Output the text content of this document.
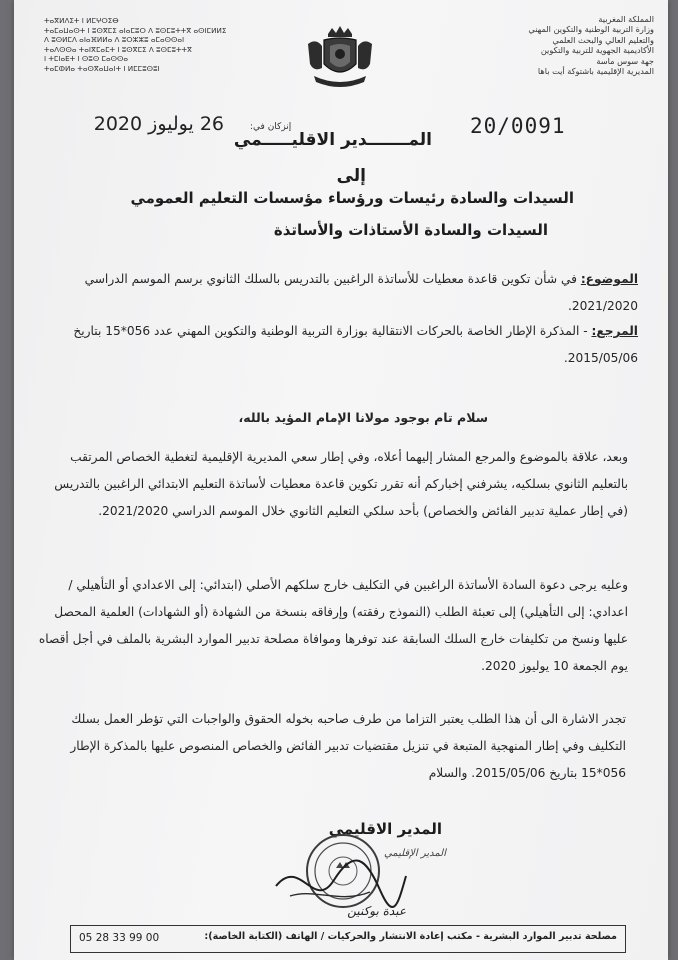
ⵜⴰⴳⵍⴷⵉⵜ ⵏ ⵍⵎⵖⵔⵉⴱ
ⵜⴰⵎⴰⵡⴰⵙⵜ ⵏ ⵓⵙⴳⵎⵉ ⴰⵏⴰⵎⵓⵔ ⴷ ⵓⵙⵎⵓⵜⵜⴳ ⴰⵙⵏⵎⵍⵍⵉ
ⴷ ⵓⵙⵍⵎⴷ ⴰⵏⴰⴼⵍⵍⴰ ⴷ ⵓⵔⵣⵣⵓ ⴰⵎⴰⵙⵙⴰⵏ
ⵜⴰⴷⵙⵙⴰ ⵜⴰⵏⴳⵎⴰⵎⵜ ⵏ ⵓⵙⴳⵎⵉ ⴷ ⵓⵙⵎⵓⵜⵜⴳ
ⵏ ⵜⵎⵏⴰⴹⵜ ⵏ ⵙⵓⵙ ⵎⴰⵙⵙⴰ
ⵜⴰⵎⵀⵍⴰ ⵜⴰⵙⴳⴰⵡⴰⵏⵜ ⵏ ⵍⵎⵎⵓⵙⵓⵏ
المملكة المغربية
وزارة التربية الوطنية والتكوين المهني
والتعليم العالي والبحث العلمي
الأكاديمية الجهوية للتربية والتكوين
جهة سوس ماسة
المديرية الإقليمية باشتوكة أيت باها
20/0091
إنزكان في:
26 يوليوز 2020
المـــــــدير الاقليـــــمي
إلى
السيدات والسادة رئيسات ورؤساء مؤسسات التعليم العمومي
السيدات والسادة الأستاذات والأساتذة
الموضوع: في شأن تكوين قاعدة معطيات للأساتذة الراغبين بالتدريس بالسلك الثانوي برسم الموسم الدراسي 2021/2020.
المرجع: - المذكرة الإطار الخاصة بالحركات الانتقالية بوزارة التربية الوطنية والتكوين المهني عدد 056*15 بتاريخ 2015/05/06.
سلام تام بوجود مولانا الإمام المؤيد بالله،
وبعد، علاقة بالموضوع والمرجع المشار إليهما أعلاه، وفي إطار سعي المديرية الإقليمية لتغطية الخصاص المرتقب بالتعليم الثانوي بسلكيه، يشرفني إخباركم أنه تقرر تكوين قاعدة معطيات لأساتذة التعليم الابتدائي الراغبين بالتدريس (في إطار عملية تدبير الفائض والخصاص) بأحد سلكي التعليم الثانوي خلال الموسم الدراسي 2021/2020.
وعليه يرجى دعوة السادة الأساتذة الراغبين في التكليف خارج سلكهم الأصلي (ابتدائي: إلى الاعدادي أو التأهيلي / اعدادي: إلى التأهيلي) إلى تعبئة الطلب (النموذج رفقته) وإرفاقه بنسخة من الشهادة (أو الشهادات) العلمية المحصل عليها ونسخ من تكليفات خارج السلك السابقة عند توفرها وموافاة مصلحة تدبير الموارد البشرية بالملف في أجل أقصاه يوم الجمعة 10 يوليوز 2020.
تجدر الاشارة الى أن هذا الطلب يعتبر التزاما من طرف صاحبه بخوله الحقوق والواجبات التي تؤطر العمل بسلك التكليف وفي إطار المنهجية المتبعة في تنزيل مقتضيات تدبير الفائض والخصاص المنصوص عليها بالمذكرة الإطار 056*15 بتاريخ 2015/05/06. والسلام
المدير الاقليمي
المدير الإقليمي
عبدة بوكنين
مصلحة تدبير الموارد البشرية - مكتب إعادة الانتشار والحركيات / الهاتف (الكتابة الخاصة):
05 28 33 99 00
